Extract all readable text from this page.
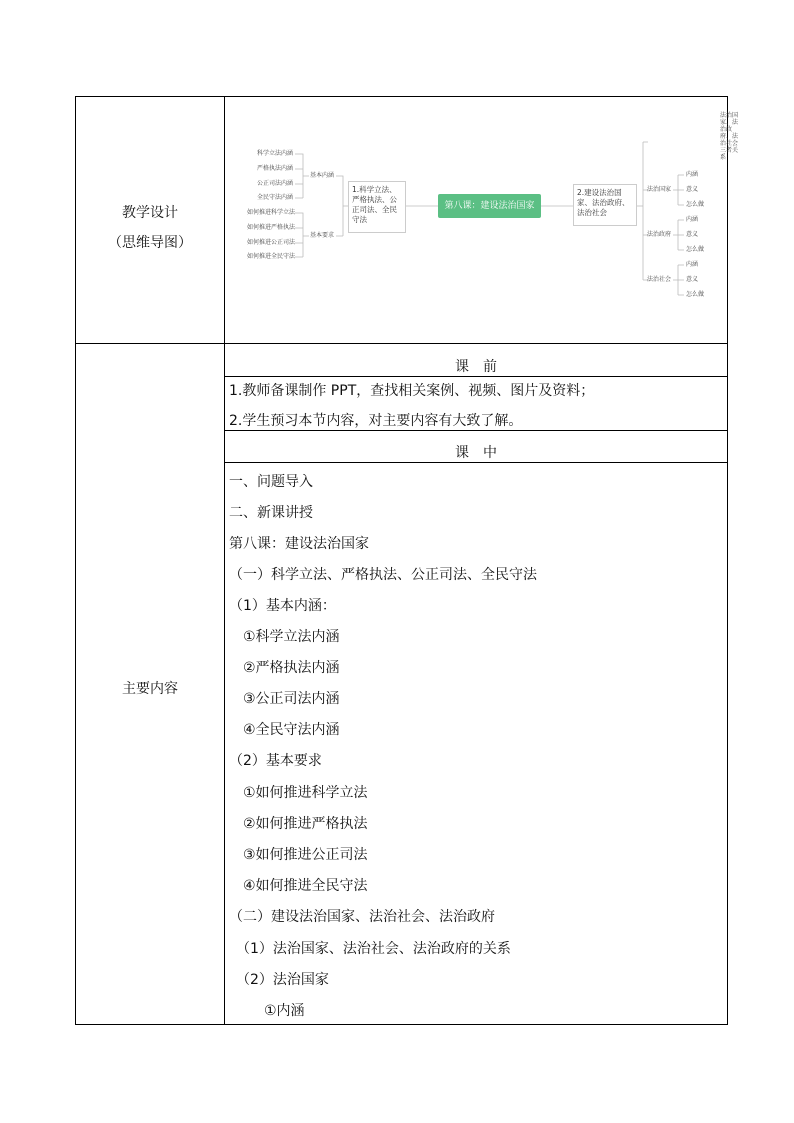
教学设计
（思维导图）
主要内容
科学立法内涵
严格执法内涵
公正司法内涵
全民守法内涵
如何推进科学立法
如何推进严格执法
如何推进公正司法
如何推进全民守法
基本内涵
基本要求
1.科学立法、严格执法、公正司法、全民守法
第八课：建设法治国家
2.建设法治国家、法治政府、法治社会
法治国家、法治政府、法治社会三者关系
法治国家
法治政府
法治社会
内涵
意义
怎么做
内涵
意义
怎么做
内涵
意义
怎么做
课　前
课　中
1.教师备课制作 PPT，查找相关案例、视频、图片及资料；
2.学生预习本节内容，对主要内容有大致了解。
一、问题导入
二、新课讲授
第八课：建设法治国家
（一）科学立法、严格执法、公正司法、全民守法
（1）基本内涵：
①科学立法内涵
②严格执法内涵
③公正司法内涵
④全民守法内涵
（2）基本要求
①如何推进科学立法
②如何推进严格执法
③如何推进公正司法
④如何推进全民守法
（二）建设法治国家、法治社会、法治政府
（1）法治国家、法治社会、法治政府的关系
（2）法治国家
①内涵
